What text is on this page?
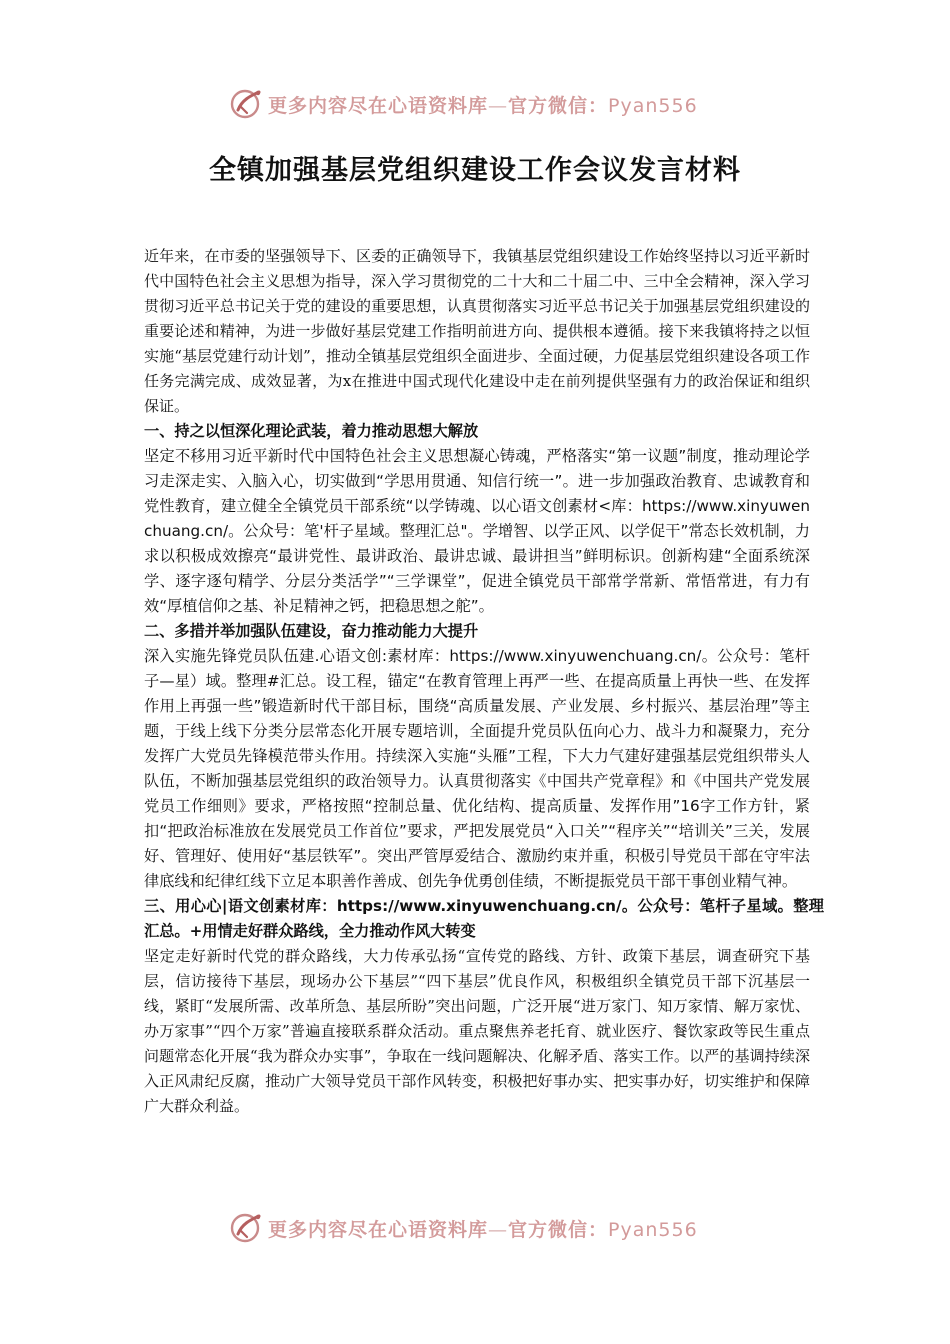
更多内容尽在心语资料库—官方微信：Pyan556
全镇加强基层党组织建设工作会议发言材料

近年来，在市委的坚强领导下、区委的正确领导下，我镇基层党组织建设工作始终坚持以习近平新时代中国特色社会主义思想为指导，深入学习贯彻党的二十大和二十届二中、三中全会精神，深入学习贯彻习近平总书记关于党的建设的重要思想，认真贯彻落实习近平总书记关于加强基层党组织建设的重要论述和精神，为进一步做好基层党建工作指明前进方向、提供根本遵循。接下来我镇将持之以恒实施“基层党建行动计划”，推动全镇基层党组织全面进步、全面过硬，力促基层党组织建设各项工作任务完满完成、成效显著，为x在推进中国式现代化建设中走在前列提供坚强有力的政治保证和组织保证。

一、持之以恒深化理论武装，着力推动思想大解放

坚定不移用习近平新时代中国特色社会主义思想凝心铸魂，严格落实“第一议题”制度，推动理论学习走深走实、入脑入心，切实做到“学思用贯通、知信行统一”。进一步加强政治教育、忠诚教育和党性教育，建立健全全镇党员干部系统“以学铸魂、以心语文创素材<库：https://www.xinyuwenchuang.cn/。公众号：笔'杆子星域。整理汇总"。学增智、以学正风、以学促干”常态长效机制，力求以积极成效擦亮“最讲党性、最讲政治、最讲忠诚、最讲担当”鲜明标识。创新构建“全面系统深学、逐字逐句精学、分层分类活学”“三学课堂”，促进全镇党员干部常学常新、常悟常进，有力有效“厚植信仰之基、补足精神之钙，把稳思想之舵”。

二、多措并举加强队伍建设，奋力推动能力大提升

深入实施先锋党员队伍建.心语文创:素材库：https://www.xinyuwenchuang.cn/。公众号：笔杆子—星）域。整理#汇总。设工程，锚定“在教育管理上再严一些、在提高质量上再快一些、在发挥作用上再强一些”锻造新时代干部目标，围绕“高质量发展、产业发展、乡村振兴、基层治理”等主题，于线上线下分类分层常态化开展专题培训，全面提升党员队伍向心力、战斗力和凝聚力，充分发挥广大党员先锋模范带头作用。持续深入实施“头雁”工程，下大力气建好建强基层党组织带头人队伍，不断加强基层党组织的政治领导力。认真贯彻落实《中国共产党章程》和《中国共产党发展党员工作细则》要求，严格按照“控制总量、优化结构、提高质量、发挥作用”16字工作方针，紧扣“把政治标准放在发展党员工作首位”要求，严把发展党员“入口关”“程序关”“培训关”三关，发展好、管理好、使用好“基层铁军”。突出严管厚爱结合、激励约束并重，积极引导党员干部在守牢法律底线和纪律红线下立足本职善作善成、创先争优勇创佳绩，不断提振党员干部干事创业精气神。

三、用心心|语文创素材库：https://www.xinyuwenchuang.cn/。公众号：笔杆子星域。整理汇总。+用情走好群众路线，全力推动作风大转变

坚定走好新时代党的群众路线，大力传承弘扬“宣传党的路线、方针、政策下基层，调查研究下基层，信访接待下基层，现场办公下基层”“四下基层”优良作风，积极组织全镇党员干部下沉基层一线，紧盯“发展所需、改革所急、基层所盼”突出问题，广泛开展“进万家门、知万家情、解万家忧、办万家事”“四个万家”普遍直接联系群众活动。重点聚焦养老托育、就业医疗、餐饮家政等民生重点问题常态化开展“我为群众办实事”，争取在一线问题解决、化解矛盾、落实工作。以严的基调持续深入正风肃纪反腐，推动广大领导党员干部作风转变，积极把好事办实、把实事办好，切实维护和保障广大群众利益。

更多内容尽在心语资料库—官方微信：Pyan556
